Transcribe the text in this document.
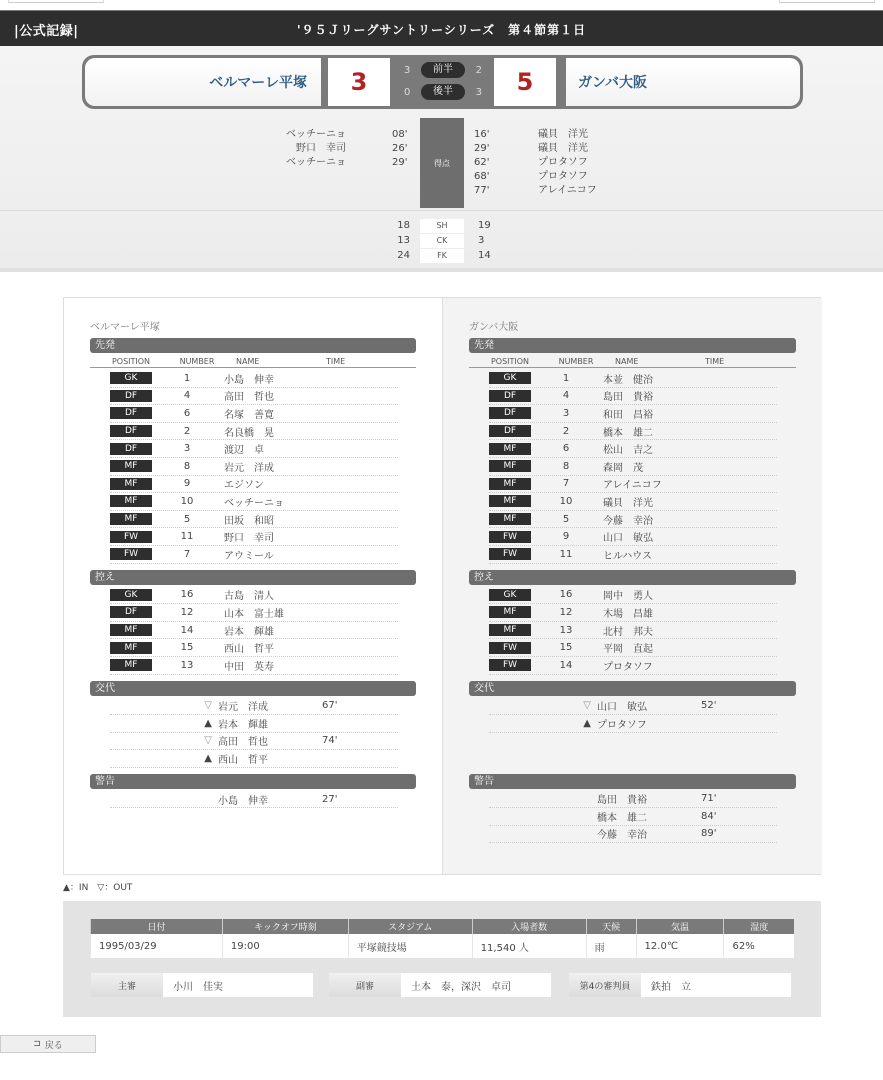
|公式記録|	'９５Ｊリーグサントリーシリーズ　第４節第１日
ベルマーレ平塚	3	3	前半	2
0	後半	3	5	ガンバ大阪
得点
ベッチーニョ	08'
野口　幸司	26'
ベッチーニョ	29'
16'	礒貝　洋光
29'	礒貝　洋光
62'	プロタソフ
68'	プロタソフ
77'	アレイニコフ
18	SH	19
13	CK	3
24	FK	14
ベルマーレ平塚
先発
POSITION	NUMBER	NAME	TIME
GK	1	小島　伸幸
DF	4	高田　哲也
DF	6	名塚　善寛
DF	2	名良橋　晃
DF	3	渡辺　卓
MF	8	岩元　洋成
MF	9	エジソン
MF	10	ベッチーニョ
MF	5	田坂　和昭
FW	11	野口　幸司
FW	7	アウミール
控え
GK	16	古島　清人
DF	12	山本　富士雄
MF	14	岩本　輝雄
MF	15	西山　哲平
MF	13	中田　英寿
交代
▽ 岩元　洋成	67'
▲ 岩本　輝雄
▽ 高田　哲也	74'
▲ 西山　哲平
警告
小島　伸幸	27'
ガンバ大阪
先発
POSITION	NUMBER	NAME	TIME
GK	1	本並　健治
DF	4	島田　貴裕
DF	3	和田　昌裕
DF	2	橋本　雄二
MF	6	松山　吉之
MF	8	森岡　茂
MF	7	アレイニコフ
MF	10	礒貝　洋光
MF	5	今藤　幸治
FW	9	山口　敏弘
FW	11	ヒルハウス
控え
GK	16	岡中　勇人
MF	12	木場　昌雄
MF	13	北村　邦夫
FW	15	平岡　直起
FW	14	プロタソフ
交代
▽ 山口　敏弘	52'
▲ プロタソフ
警告
島田　貴裕	71'
橋本　雄二	84'
今藤　幸治	89'
▲：IN　▽：OUT
日付	キックオフ時刻	スタジアム	入場者数	天候	気温	湿度
1995/03/29	19:00	平塚競技場	11,540 人	雨	12.0℃	62%
主審	小川　佳実	副審	土本　泰，深沢　卓司	第4の審判員	鉄拍　立
⊐ 戻る
